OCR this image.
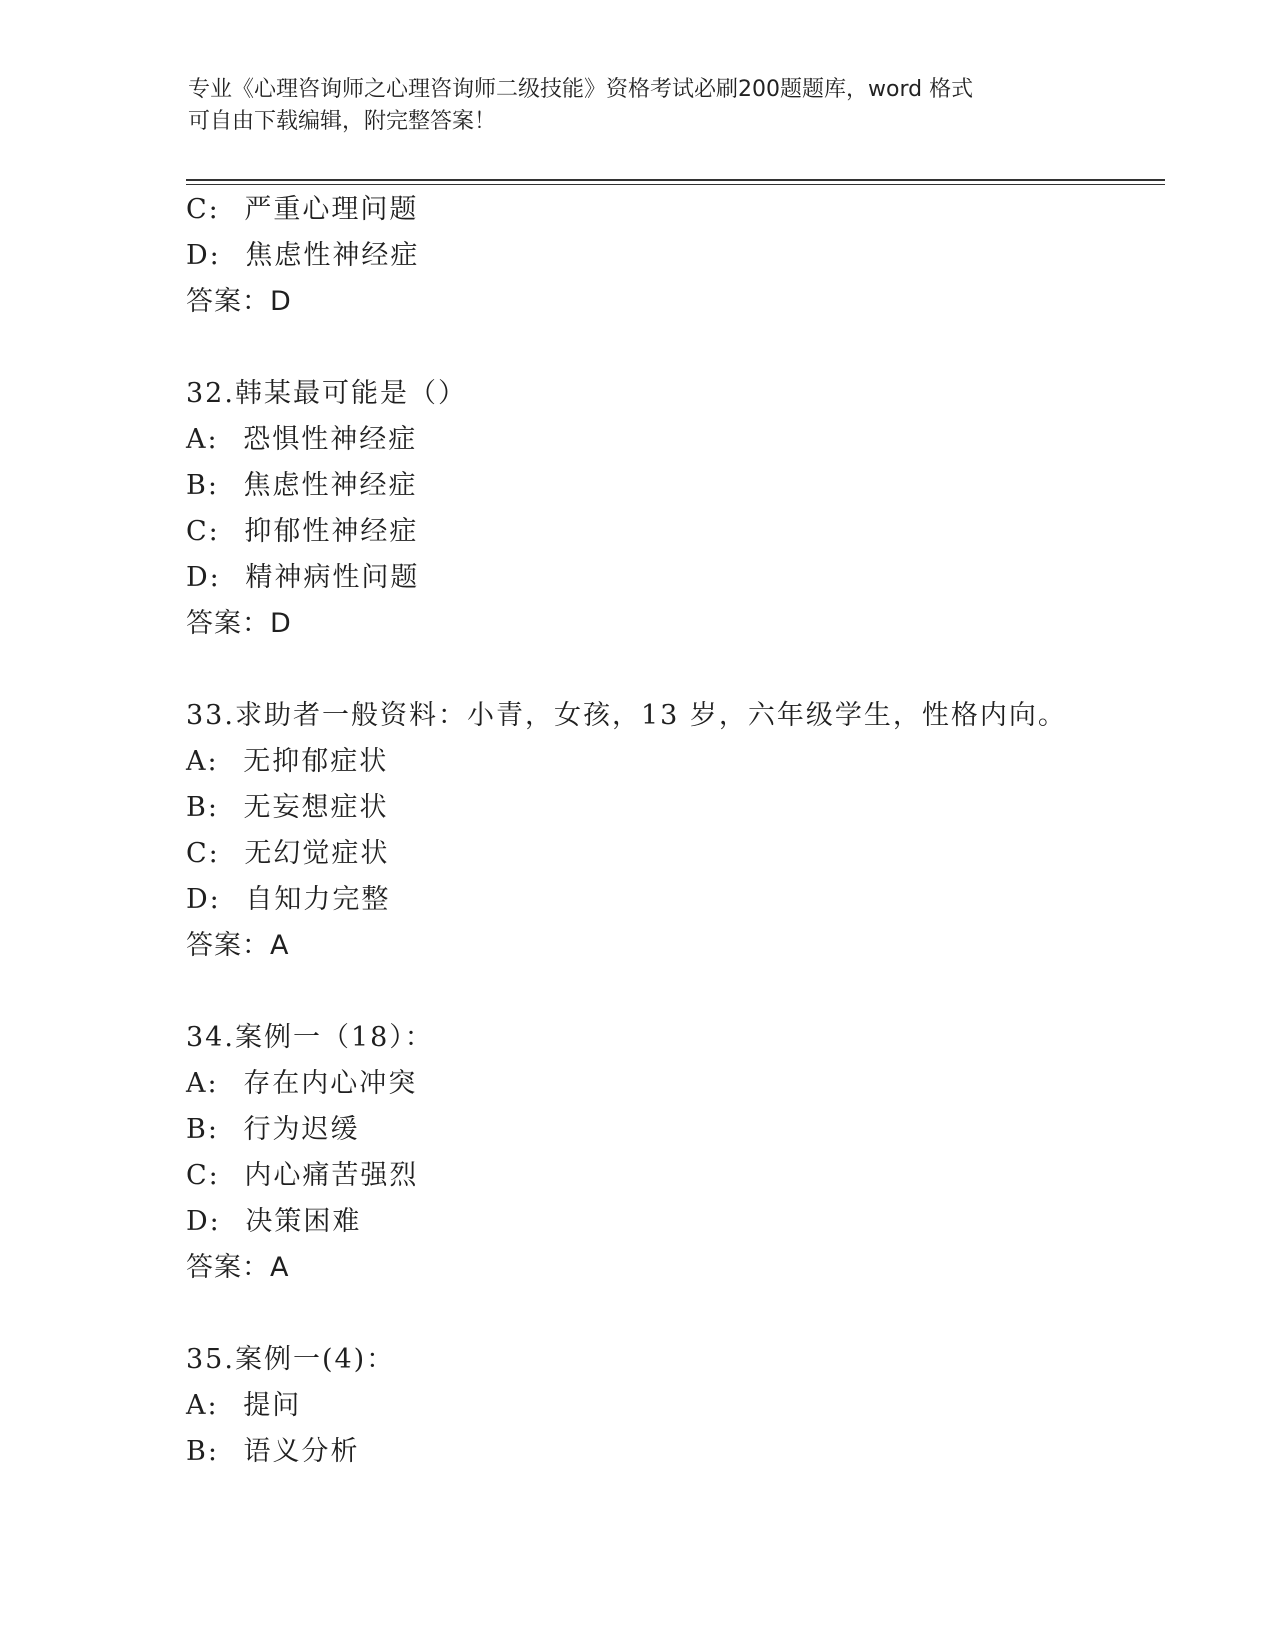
专业《心理咨询师之心理咨询师二级技能》资格考试必刷200题题库，word 格式
可自由下载编辑，附完整答案！
C: 严重心理问题
D: 焦虑性神经症
答案：D
32.韩某最可能是（）
A: 恐惧性神经症
B: 焦虑性神经症
C: 抑郁性神经症
D: 精神病性问题
答案：D
33.求助者一般资料：小青，女孩，13 岁，六年级学生，性格内向。
A: 无抑郁症状
B: 无妄想症状
C: 无幻觉症状
D: 自知力完整
答案：A
34.案例一（18）：
A: 存在内心冲突
B: 行为迟缓
C: 内心痛苦强烈
D: 决策困难
答案：A
35.案例一(4)：
A: 提问
B: 语义分析
